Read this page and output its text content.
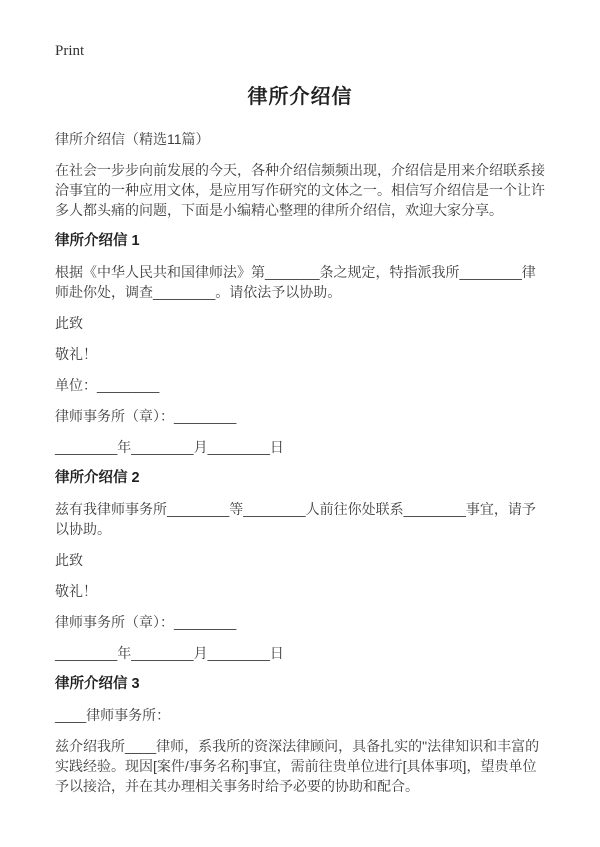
Print
律所介绍信

律所介绍信（精选11篇）

在社会一步步向前发展的今天，各种介绍信频频出现，介绍信是用来介绍联系接洽事宜的一种应用文体，是应用写作研究的文体之一。相信写介绍信是一个让许多人都头痛的问题，下面是小编精心整理的律所介绍信，欢迎大家分享。

律所介绍信 1

根据《中华人民共和国律师法》第_______条之规定，特指派我所________律师赴你处，调查________。请依法予以协助。

此致

敬礼！

单位：________

律师事务所（章）：________

________年________月________日

律所介绍信 2

兹有我律师事务所________等________人前往你处联系________事宜，请予以协助。

此致

敬礼！

律师事务所（章）：________

________年________月________日

律所介绍信 3

____律师事务所：

兹介绍我所____律师，系我所的资深法律顾问，具备扎实的"法律知识和丰富的实践经验。现因[案件/事务名称]事宜，需前往贵单位进行[具体事项]，望贵单位予以接洽，并在其办理相关事务时给予必要的协助和配合。
